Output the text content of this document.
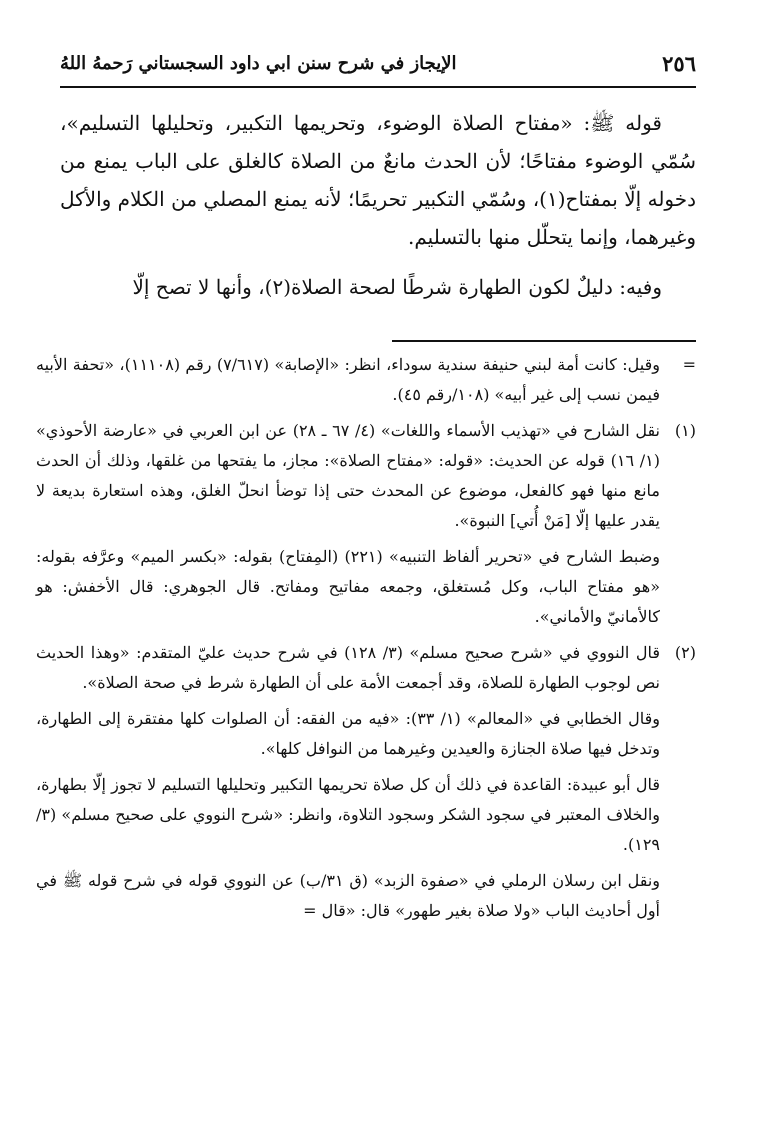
٢٥٦
الإيجاز في شرح سنن ابي داود السجستاني رَحمهُ اللهُ

قوله ﷺ: «مفتاح الصلاة الوضوء، وتحريمها التكبير، وتحليلها التسليم»، سُمّي الوضوء مفتاحًا؛ لأن الحدث مانعٌ من الصلاة كالغلق على الباب يمنع من دخوله إلّا بمفتاح(١)، وسُمّي التكبير تحريمًا؛ لأنه يمنع المصلي من الكلام والأكل وغيرهما، وإنما يتحلّل منها بالتسليم.

وفيه: دليلٌ لكون الطهارة شرطًا لصحة الصلاة(٢)، وأنها لا تصح إلّا

=

وقيل: كانت أمة لبني حنيفة سندية سوداء، انظر: «الإصابة» (٧/٦١٧) رقم (١١١٠٨)، «تحفة الأبيه فيمن نسب إلى غير أبيه» (١٠٨/رقم ٤٥).

(١)

نقل الشارح في «تهذيب الأسماء واللغات» (٤/ ٦٧ ـ ٢٨) عن ابن العربي في «عارضة الأحوذي» (١/ ١٦) قوله عن الحديث: «قوله: «مفتاح الصلاة»: مجاز، ما يفتحها من غلقها، وذلك أن الحدث مانع منها فهو كالفعل، موضوع عن المحدث حتى إذا توضأ انحلّ الغلق، وهذه استعارة بديعة لا يقدر عليها إلّا [مَنْ أُتي] النبوة».

وضبط الشارح في «تحرير ألفاظ التنبيه» (٢٢١) (المِفتاح) بقوله: «بكسر الميم» وعرَّفه بقوله: «هو مفتاح الباب، وكل مُستغلق، وجمعه مفاتيح ومفاتح. قال الجوهري: قال الأخفش: هو كالأمانيّ والأماني».

(٢)

قال النووي في «شرح صحيح مسلم» (٣/ ١٢٨) في شرح حديث عليّ المتقدم: «وهذا الحديث نص لوجوب الطهارة للصلاة، وقد أجمعت الأمة على أن الطهارة شرط في صحة الصلاة».

وقال الخطابي في «المعالم» (١/ ٣٣): «فيه من الفقه: أن الصلوات كلها مفتقرة إلى الطهارة، وتدخل فيها صلاة الجنازة والعيدين وغيرهما من النوافل كلها».

قال أبو عبيدة: القاعدة في ذلك أن كل صلاة تحريمها التكبير وتحليلها التسليم لا تجوز إلّا بطهارة، والخلاف المعتبر في سجود الشكر وسجود التلاوة، وانظر: «شرح النووي على صحيح مسلم» (٣/ ١٢٩).

ونقل ابن رسلان الرملي في «صفوة الزبد» (ق ٣١/ب) عن النووي قوله في شرح قوله ﷺ في أول أحاديث الباب «ولا صلاة بغير طهور» قال: «قال =
